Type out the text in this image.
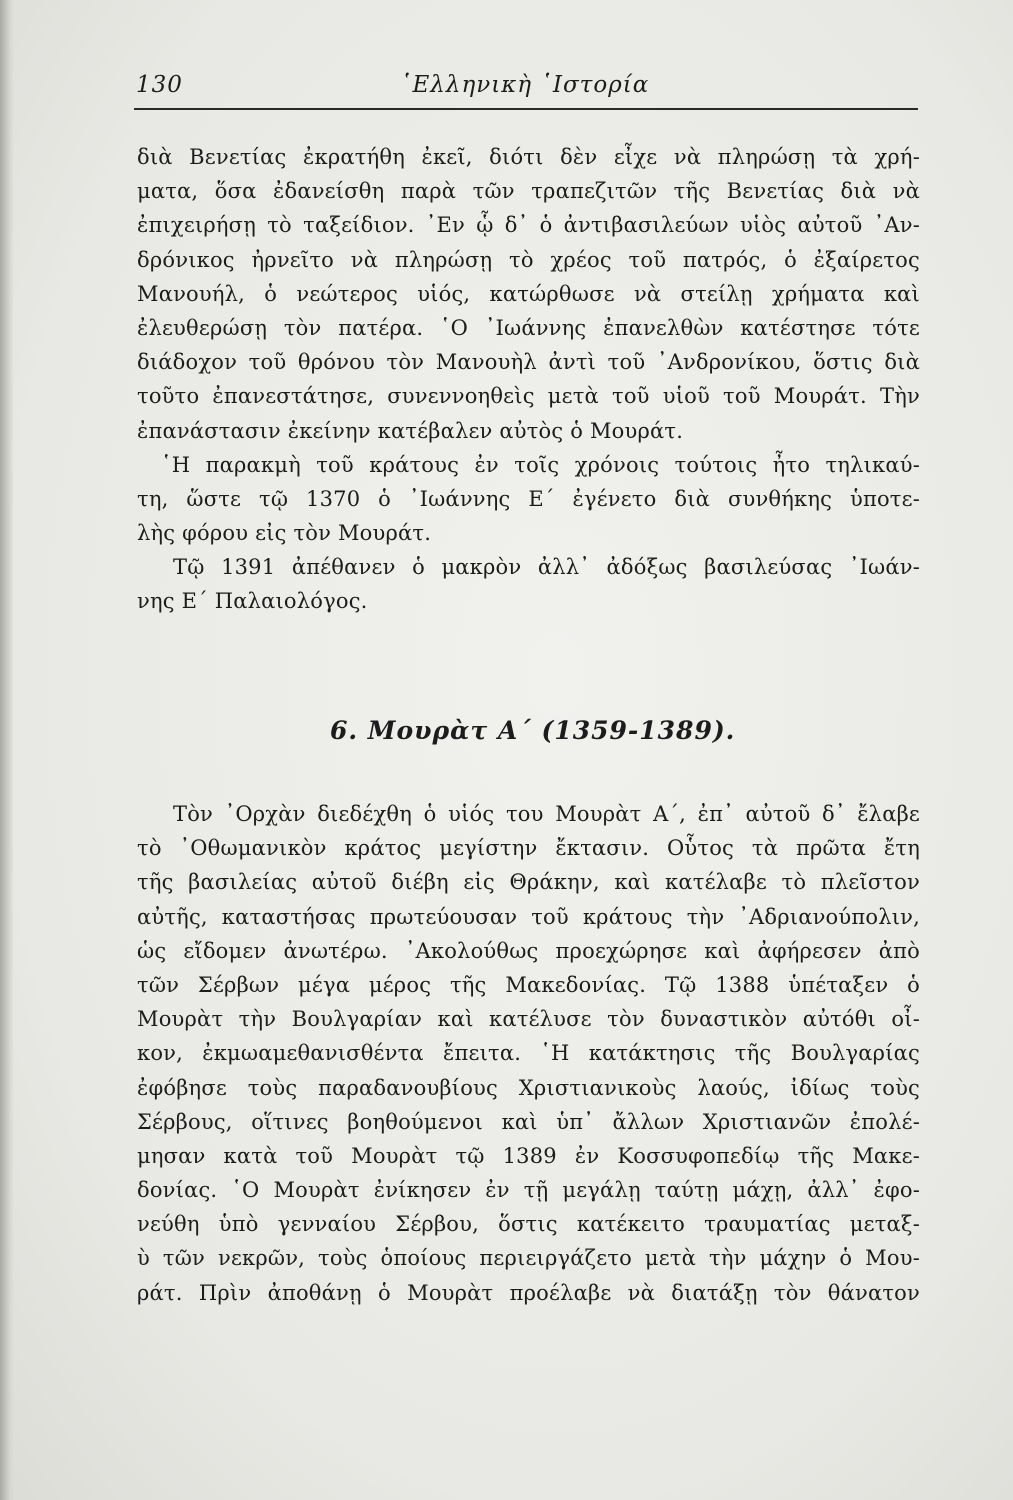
130	῾Ελληνικὴ ῾Ιστορία
διὰ Βενετίας ἐκρατήθη ἐκεῖ, διότι δὲν εἶχε νὰ πληρώσῃ τὰ χρή-
ματα, ὅσα ἐδανείσθη παρὰ τῶν τραπεζιτῶν τῆς Βενετίας διὰ νὰ
ἐπιχειρήσῃ τὸ ταξείδιον. ᾿Εν ᾧ δ᾿ ὁ ἀντιβασιλεύων υἱὸς αὐτοῦ ᾿Αν-
δρόνικος ἠρνεῖτο νὰ πληρώσῃ τὸ χρέος τοῦ πατρός, ὁ ἐξαίρετος
Μανουήλ, ὁ νεώτερος υἱός, κατώρθωσε νὰ στείλῃ χρήματα καὶ
ἐλευθερώσῃ τὸν πατέρα. ῾Ο ᾿Ιωάννης ἐπανελθὼν κατέστησε τότε
διάδοχον τοῦ θρόνου τὸν Μανουὴλ ἀντὶ τοῦ ᾿Ανδρονίκου, ὅστις διὰ
τοῦτο ἐπανεστάτησε, συνεννοηθεὶς μετὰ τοῦ υἱοῦ τοῦ Μουράτ. Τὴν
ἐπανάστασιν ἐκείνην κατέβαλεν αὐτὸς ὁ Μουράτ.
῾Η παρακμὴ τοῦ κράτους ἐν τοῖς χρόνοις τούτοις ἦτο τηλικαύ-
τη, ὥστε τῷ 1370 ὁ ᾿Ιωάννης Ε΄ ἐγένετο διὰ συνθήκης ὑποτε-
λὴς φόρου εἰς τὸν Μουράτ.
Τῷ 1391 ἀπέθανεν ὁ μακρὸν ἀλλ᾿ ἀδόξως βασιλεύσας ᾿Ιωάν-
νης Ε΄ Παλαιολόγος.
6. Μουρὰτ Α΄ (1359-1389).
Τὸν ᾿Ορχὰν διεδέχθη ὁ υἱός του Μουρὰτ Α΄, ἐπ᾿ αὐτοῦ δ᾿ ἔλαβε
τὸ ᾿Οθωμανικὸν κράτος μεγίστην ἔκτασιν. Οὗτος τὰ πρῶτα ἔτη
τῆς βασιλείας αὐτοῦ διέβη εἰς Θράκην, καὶ κατέλαβε τὸ πλεῖστον
αὐτῆς, καταστήσας πρωτεύουσαν τοῦ κράτους τὴν ᾿Αδριανούπολιν,
ὡς εἴδομεν ἀνωτέρω. ᾿Ακολούθως προεχώρησε καὶ ἀφήρεσεν ἀπὸ
τῶν Σέρβων μέγα μέρος τῆς Μακεδονίας. Τῷ 1388 ὑπέταξεν ὁ
Μουρὰτ τὴν Βουλγαρίαν καὶ κατέλυσε τὸν δυναστικὸν αὐτόθι οἶ-
κον, ἐκμωαμεθανισθέντα ἔπειτα. ῾Η κατάκτησις τῆς Βουλγαρίας
ἐφόβησε τοὺς παραδανουβίους Χριστιανικοὺς λαούς, ἰδίως τοὺς
Σέρβους, οἵτινες βοηθούμενοι καὶ ὑπ᾿ ἄλλων Χριστιανῶν ἐπολέ-
μησαν κατὰ τοῦ Μουρὰτ τῷ 1389 ἐν Κοσσυφοπεδίῳ τῆς Μακε-
δονίας. ῾Ο Μουρὰτ ἐνίκησεν ἐν τῇ μεγάλῃ ταύτῃ μάχῃ, ἀλλ᾿ ἐφο-
νεύθη ὑπὸ γενναίου Σέρβου, ὅστις κατέκειτο τραυματίας μεταξ-
ὺ τῶν νεκρῶν, τοὺς ὁποίους περιειργάζετο μετὰ τὴν μάχην ὁ Μου-
ράτ. Πρὶν ἀποθάνῃ ὁ Μουρὰτ προέλαβε νὰ διατάξῃ τὸν θάνατον
